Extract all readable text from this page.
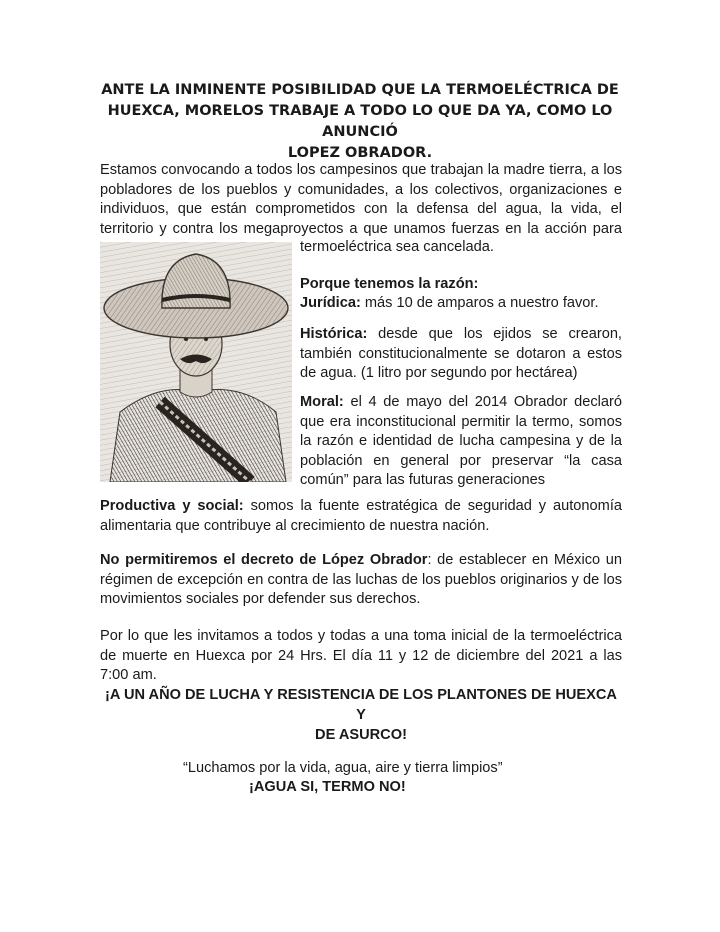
ANTE LA INMINENTE POSIBILIDAD QUE LA TERMOELÉCTRICA DE
HUEXCA, MORELOS TRABAJE A TODO LO QUE DA YA, COMO LO ANUNCIÓ
LOPEZ OBRADOR.

Estamos convocando a todos los campesinos que trabajan la madre tierra, a los pobladores de los pueblos y comunidades, a los colectivos, organizaciones e individuos, que están comprometidos con la defensa del agua, la vida, el territorio y contra los megaproyectos a que unamos fuerzas en la acción para

termoeléctrica sea cancelada.

Porque tenemos la razón:

Jurídica: más 10 de amparos a nuestro favor.

Histórica: desde que los ejidos se crearon, también constitucionalmente se dotaron a estos de agua. (1 litro por segundo por hectárea)

Moral: el 4 de mayo del 2014 Obrador declaró que era inconstitucional permitir la termo, somos la razón e identidad de lucha campesina y de la población en general por preservar “la casa común” para las futuras generaciones

Productiva y social: somos la fuente estratégica de seguridad y autonomía alimentaria que contribuye al crecimiento de nuestra nación.

No permitiremos el decreto de López Obrador: de establecer en México un régimen de excepción en contra de las luchas de los pueblos originarios y de los movimientos sociales por defender sus derechos.

Por lo que les invitamos a todos y todas a una toma inicial de la termoeléctrica de muerte en Huexca por 24 Hrs. El día 11 y 12 de diciembre del 2021 a las 7:00 am.

¡A UN AÑO DE LUCHA Y RESISTENCIA DE LOS PLANTONES DE HUEXCA Y
DE ASURCO!
“Luchamos por la vida, agua, aire y tierra limpios”
¡AGUA SI, TERMO NO!
